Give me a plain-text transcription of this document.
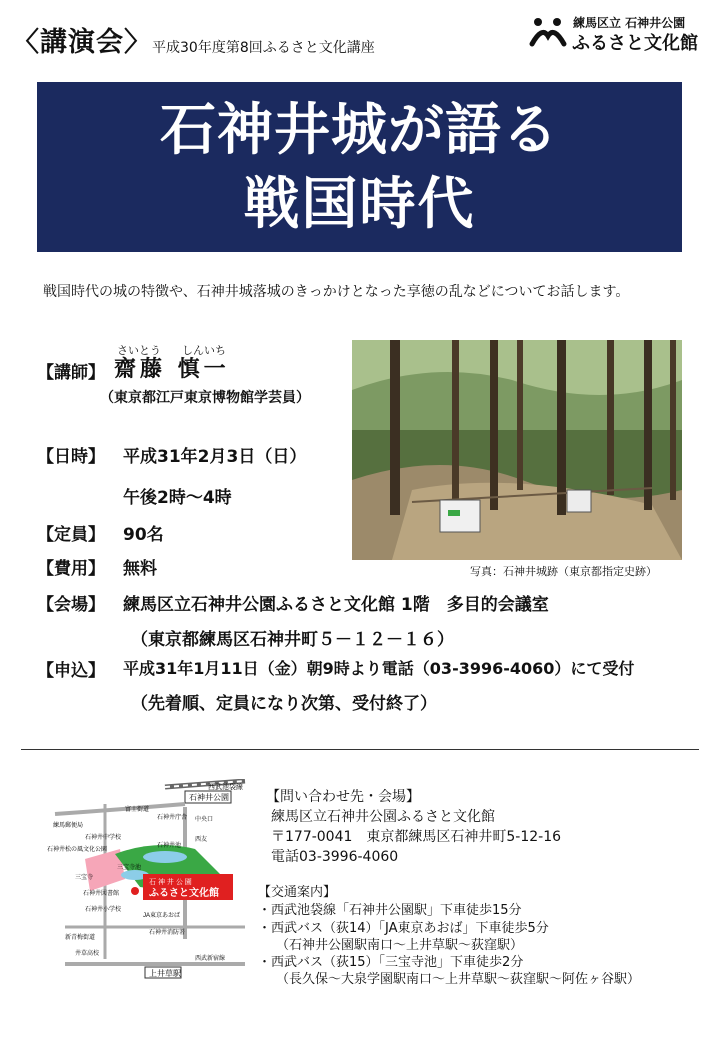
〈講演会〉 平成30年度第8回ふるさと文化講座
練馬区立 石神井公園
ふるさと文化館
石神井城が語る
戦国時代
戦国時代の城の特徴や、石神井城落城のきっかけとなった享徳の乱などについてお話します。
【講師】
さいとう しんいち
齋藤 慎一
（東京都江戸東京博物館学芸員）
【日時】 平成31年2月3日（日）
午後2時～4時
【定員】 90名
【費用】 無料	写真：石神井城跡（東京都指定史跡）
【会場】 練馬区立石神井公園ふるさと文化館 1階　多目的会議室
（東京都練馬区石神井町５－１２－１６）
【申込】 平成31年1月11日（金）朝9時より電話（03-3996-4060）にて受付
（先着順、定員になり次第、受付終了）
西武池袋線
石神井公園
富士街道
石神井庁舎
練馬郵便局
石神井中学校
中央口
西友
石神井松の風文化公園
石神井池
三宝寺池
三宝寺
石神井図書館
石神井小学校
JA東京あおば
新青梅街道
石神井消防署
井草高校
西武新宿線
上井草駅
石 神 井 公 園
ふるさと文化館
【問い合わせ先・会場】
練馬区立石神井公園ふるさと文化館
〒177-0041　東京都練馬区石神井町5-12-16
電話03-3996-4060
【交通案内】
・西武池袋線「石神井公園駅」下車徒歩15分
・西武バス（荻14）「JA東京あおば」下車徒歩5分
（石神井公園駅南口～上井草駅～荻窪駅）
・西武バス（荻15）「三宝寺池」下車徒歩2分
（長久保～大泉学園駅南口～上井草駅～荻窪駅～阿佐ヶ谷駅）
